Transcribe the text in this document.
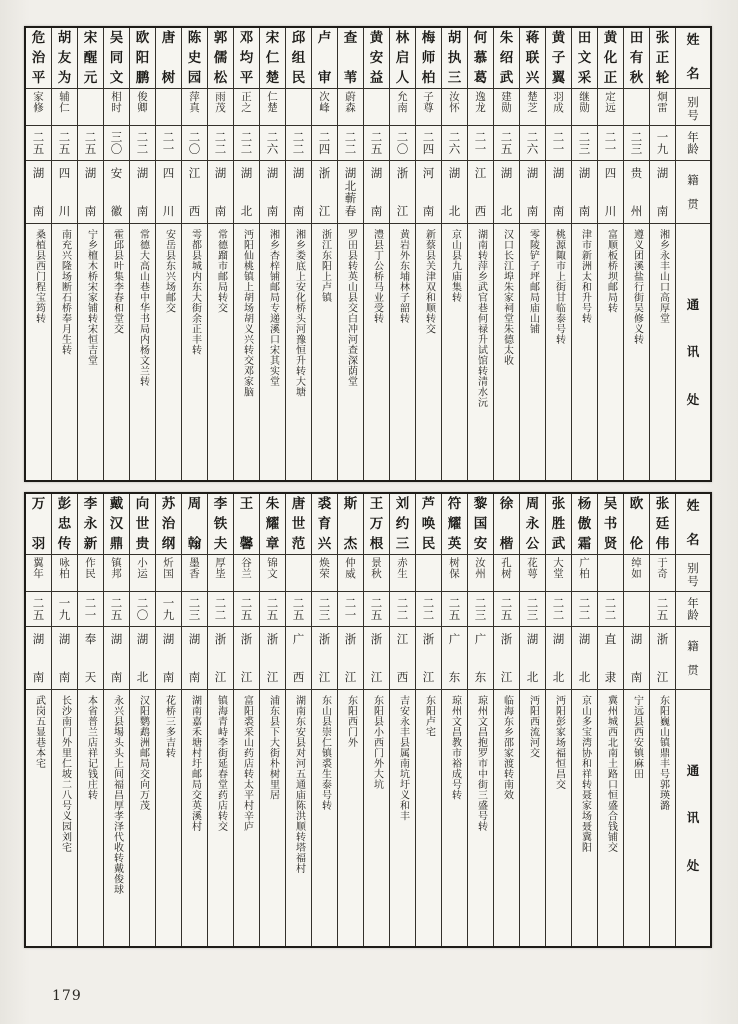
姓
名
别
号
年
龄
籍
贯
通
讯
处
张
正
轮
炯
雷
一
九
湖
南
湘乡永丰山口高厚堂
田
有
秋
二
三
贵
州
遵义团溪盐行街吴修义转
黄
化
正
定
远
二
一
四
川
富顺板桥坝邮局转
田
文
采
继
勋
二
三
湖
南
津市新洲太和升号转
黄
子
翼
羽
成
二
一
湖
南
桃源陬市上街甘临泰号转
蒋
联
兴
楚
芝
二
六
湖
南
零陵铲子坪邮局庙山铺
朱
绍
武
建
勋
二
五
湖
北
汉口长江埠朱家祠堂朱德太收
何
慕
葛
逸
龙
二
一
江
西
湖南转萍乡武官巷何禄升试馆转清水沅
胡
执
三
汝
怀
二
六
湖
北
京山县九庙集转
梅
师
柏
子
尊
二
四
河
南
新蔡县关津双和顺转交
林
启
人
允
南
二
〇
浙
江
黄岩外东埔林子韶转
黄
安
益
二
五
湖
南
澧县丁公桥马业受转
查
苇
蔚
森
二
二
湖
北
蕲
春
罗田县转英山县交白冲河查深荫堂
卢
审
次
峰
二
四
浙
江
浙江东阳上卢镇
邱
组
民
二
二
湖
南
湘乡娄底上安化桥头河豫恒升转大塘
宋
仁
楚
仁
楚
二
六
湖
南
湘乡杏梓铺邮局专递溪口宋其实堂
邓
均
平
正
之
二
二
湖
北
沔阳仙桃镇上胡场胡义兴转交邓家脑
郭
儒
松
雨
茂
二
二
湖
南
常德蹓市邮局转交
陈
史
园
萍
真
二
〇
江
西
雩都县城内东大街余正丰转
唐
树
二
一
四
川
安岳县东兴场邮交
欧
阳
鹏
俊
卿
二
二
湖
南
常德大高山巷中华书局内杨文兰转
吴
同
文
相
时
三
〇
安
徽
霍邱县叶集李春和堂交
宋
醒
元
二
五
湖
南
宁乡檀木桥宋家铺转宋恒吉堂
胡
友
为
辅
仁
二
五
四
川
南充兴隆场断石桥奉月生转
危
治
平
家
修
二
五
湖
南
桑植县西门程宝筠转
姓
名
别
号
年
龄
籍
贯
通
讯
处
张
廷
伟
于
奇
二
五
浙
江
东阳巍山镇鼎丰号郭瑛潞
欧
伦
绰
如
湖
南
宁远县西安镇麻田
吴
书
贤
二
二
直
隶
冀州城西北南土路口恒盛合钱铺交
杨
傲
霜
广
柏
二
二
湖
北
京山多宝湾协和祥转聂家场聂冀阳
张
胜
武
大
堂
二
二
湖
北
沔阳彭家场福恒昌交
周
永
公
花
萼
二
三
湖
北
沔阳西流河交
徐
楷
孔
树
二
五
浙
江
临海东乡邵家渡转南效
黎
国
安
汝
州
二
三
广
东
琼州文昌抱罗市中街三盛号转
符
耀
英
树
保
二
五
广
东
琼州文昌教市裕成号转
芦
唤
民
二
二
浙
江
东阳卢宅
刘
约
三
赤
生
二
二
江
西
吉安永丰县属南坑圩义和丰
王
万
根
景
秋
二
五
浙
江
东阳县小西门外大坑
斯
杰
仲
威
二
一
浙
江
东阳西门外
裘
育
兴
焕
荣
二
三
浙
江
东山县崇仁镇裘生泰号转
唐
世
范
二
五
广
西
湖南东安县对河五通庙陈洪顺转塔福村
朱
耀
章
锦
文
二
五
浙
江
浦东县下大街朴树里居
王
馨
谷
兰
二
五
浙
江
富阳裘采山药店转太平村辛庐
李
铁
夫
厚
坒
二
二
浙
江
镇海青峙李街延春堂药店转交
周
翰
墨
香
二
三
湖
南
湖南嘉禾塘村圩邮局交英溪村
苏
治
纲
炘
国
一
九
湖
南
花桥三多吉转
向
世
贵
小
运
二
〇
湖
北
汉阳鹦鹉洲邮局交向万茂
戴
汉
鼎
镇
邦
二
五
湖
南
永兴县埸头头上间福昌厚孝泽代收转戴俊球
李
永
新
作
民
二
一
奉
天
本省普兰店祥记钱庄转
彭
忠
传
咏
柏
一
九
湖
南
长沙南门外里仁坡二八号义园刘宅
万
羽
翼
年
二
五
湖
南
武岗五显巷本宅
179
